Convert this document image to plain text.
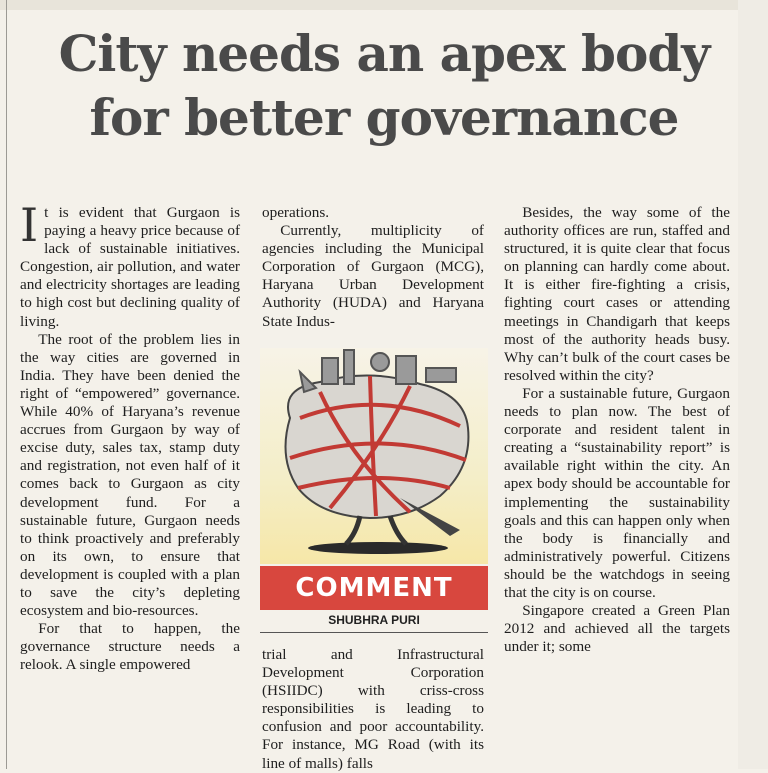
City needs an apex body
for better governance

It is evident that Gurgaon is paying a heavy price because of lack of sustainable initiatives. Congestion, air pollution, and water and electricity shortages are leading to high cost but declining quality of living.

The root of the problem lies in the way cities are governed in India. They have been denied the right of “empowered” governance. While 40% of Haryana’s revenue accrues from Gurgaon by way of excise duty, sales tax, stamp duty and registration, not even half of it comes back to Gurgaon as city development fund. For a sustainable future, Gurgaon needs to think proactively and preferably on its own, to ensure that development is coupled with a plan to save the city’s depleting ecosystem and bio-resources.

For that to happen, the governance structure needs a relook. A single empowered

operations.

Currently, multiplicity of agencies including the Municipal Corporation of Gurgaon (MCG), Haryana Urban Development Authority (HUDA) and Haryana State Indus-

COMMENT
SHUBHRA PURI

trial and Infrastructural Development Corporation (HSIIDC) with criss-cross responsibilities is leading to confusion and poor accountability. For instance, MG Road (with its line of malls) falls

Besides, the way some of the authority offices are run, staffed and structured, it is quite clear that focus on planning can hardly come about. It is either fire-fighting a crisis, fighting court cases or attending meetings in Chandigarh that keeps most of the authority heads busy. Why can’t bulk of the court cases be resolved within the city?

For a sustainable future, Gurgaon needs to plan now. The best of corporate and resident talent in creating a “sustainability report” is available right within the city. An apex body should be accountable for implementing the sustainability goals and this can happen only when the body is financially and administratively powerful. Citizens should be the watchdogs in seeing that the city is on course.

Singapore created a Green Plan 2012 and achieved all the targets under it; some
